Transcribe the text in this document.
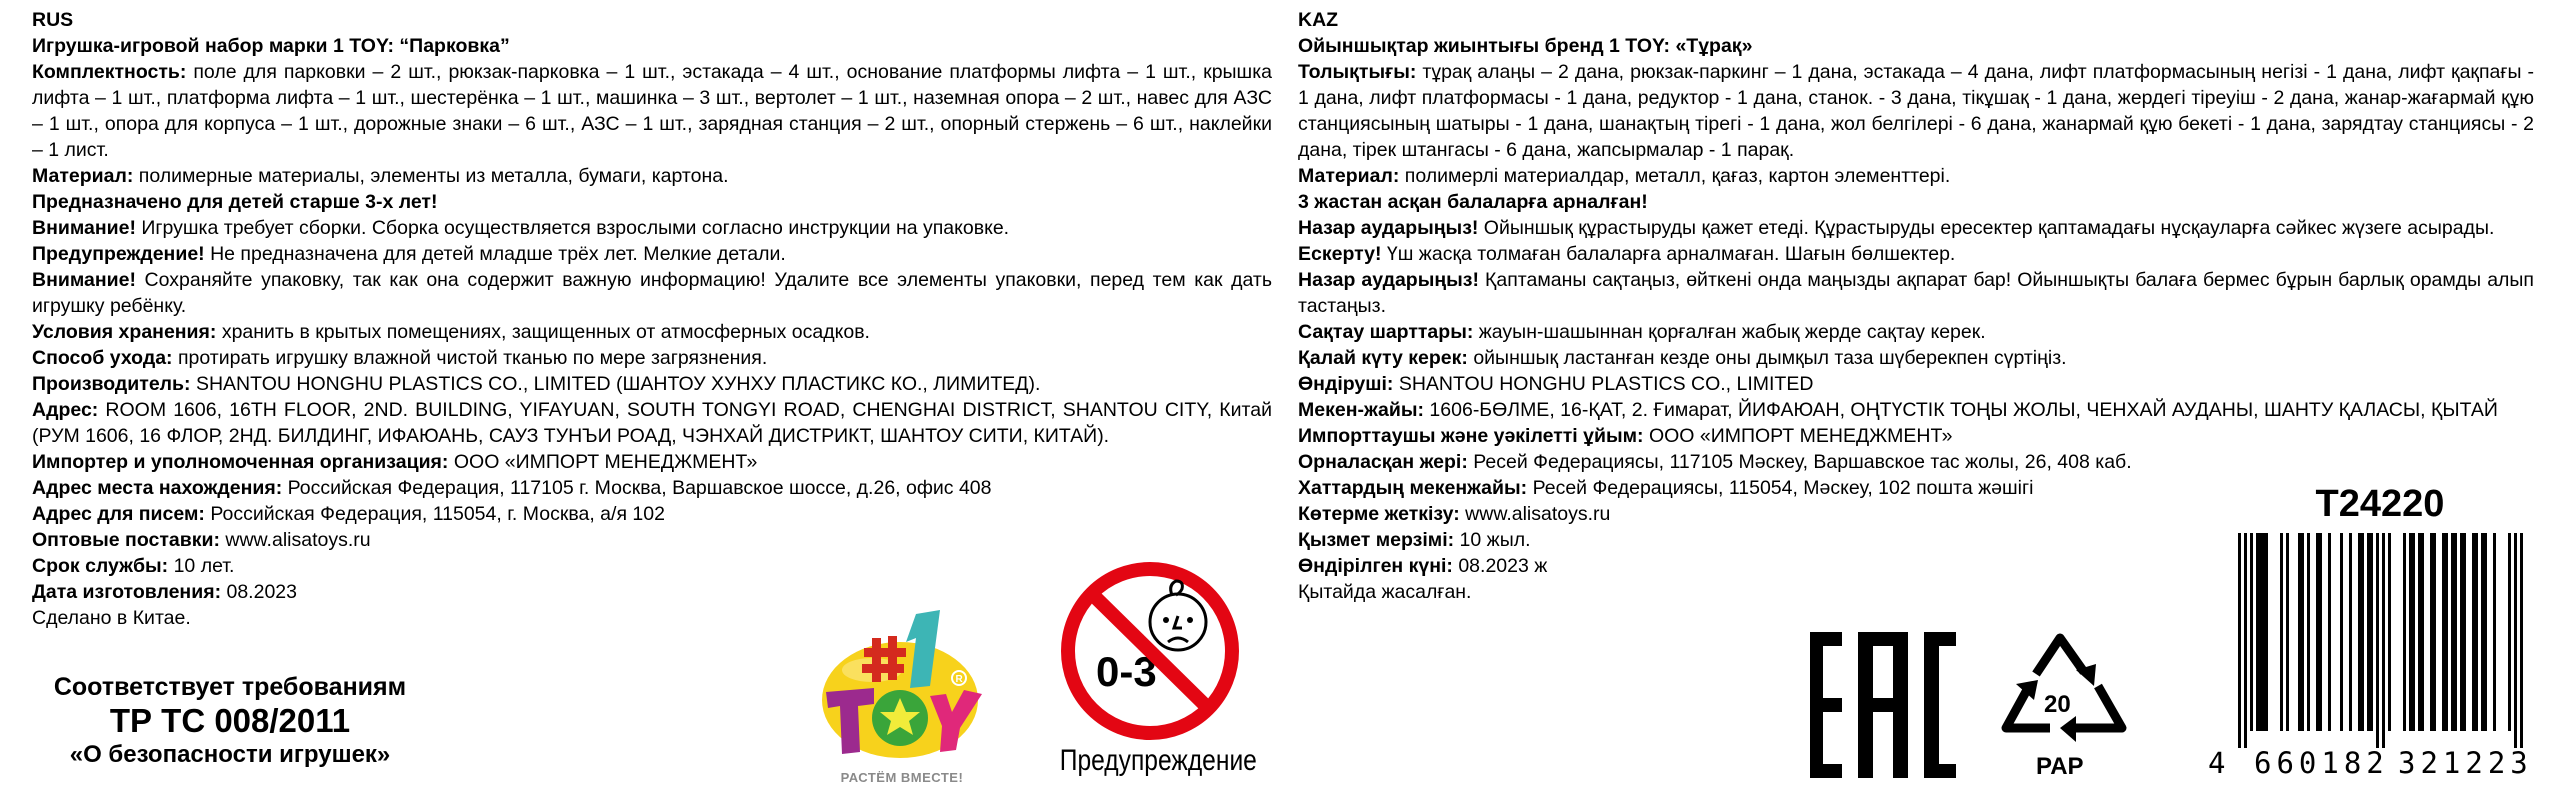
RUS

Игрушка-игровой набор марки 1 TOY: “Парковка”

Комплектность: поле для парковки – 2 шт., рюкзак-парковка – 1 шт., эстакада – 4 шт., основание платформы лифта – 1 шт., крышка лифта – 1 шт., платформа лифта – 1 шт., шестерёнка – 1 шт., машинка – 3 шт., вертолет – 1 шт., наземная опора – 2 шт., навес для АЗС – 1 шт., опора для корпуса – 1 шт., дорожные знаки – 6 шт., АЗС – 1 шт., зарядная станция – 2 шт., опорный стержень – 6 шт., наклейки – 1 лист.

Материал: полимерные материалы, элементы из металла, бумаги, картона.

Предназначено для детей старше 3-х лет!

Внимание! Игрушка требует сборки. Сборка осуществляется взрослыми согласно инструкции на упаковке.

Предупреждение! Не предназначена для детей младше трёх лет. Мелкие детали.

Внимание! Сохраняйте упаковку, так как она содержит важную информацию! Удалите все элементы упаковки, перед тем как дать игрушку ребёнку.

Условия хранения: хранить в крытых помещениях, защищенных от атмосферных осадков.

Способ ухода: протирать игрушку влажной чистой тканью по мере загрязнения.

Производитель: SHANTOU HONGHU PLASTICS CO., LIMITED (ШАНТОУ ХУНХУ ПЛАСТИКС КО., ЛИМИТЕД).

Адрес: ROOM 1606, 16TH FLOOR, 2ND. BUILDING, YIFAYUAN, SOUTH TONGYI ROAD, CHENGHAI DISTRICT, SHANTOU CITY, Китай (РУМ 1606, 16 ФЛОР, 2НД. БИЛДИНГ, ИФАЮАНЬ, САУЗ ТУНЪИ РОАД, ЧЭНХАЙ ДИСТРИКТ, ШАНТОУ СИТИ, КИТАЙ).

Импортер и уполномоченная организация: ООО «ИМПОРТ МЕНЕДЖМЕНТ»

Адрес места нахождения: Российская Федерация, 117105 г. Москва, Варшавское шоссе, д.26, офис 408

Адрес для писем: Российская Федерация, 115054, г. Москва, а/я 102

Оптовые поставки: www.alisatoys.ru

Срок службы: 10 лет.

Дата изготовления: 08.2023

Сделано в Китае.

KAZ

Ойыншықтар жиынтығы бренд 1 TOY: «Тұрақ»

Толықтығы: тұрақ алаңы – 2 дана, рюкзак-паркинг – 1 дана, эстакада – 4 дана, лифт платформасының негізі - 1 дана, лифт қақпағы - 1 дана, лифт платформасы - 1 дана, редуктор - 1 дана, станок. - 3 дана, тікұшақ - 1 дана, жердегі тіреуіш - 2 дана, жанар-жағармай құю станциясының шатыры - 1 дана, шанақтың тірегі - 1 дана, жол белгілері - 6 дана, жанармай құю бекеті - 1 дана, зарядтау станциясы - 2 дана, тірек штангасы - 6 дана, жапсырмалар - 1 парақ.

Материал: полимерлі материалдар, металл, қағаз, картон элементтері.

3 жастан асқан балаларға арналған!

Назар аударыңыз! Ойыншық құрастыруды қажет етеді. Құрастыруды ересектер қаптамадағы нұсқауларға сәйкес жүзеге асырады.

Ескерту! Үш жасқа толмаған балаларға арналмаған. Шағын бөлшектер.

Назар аударыңыз! Қаптаманы сақтаңыз, өйткені онда маңызды ақпарат бар! Ойыншықты балаға бермес бұрын барлық орамды алып тастаңыз.

Сақтау шарттары: жауын-шашыннан қорғалған жабық жерде сақтау керек.

Қалай күту керек: ойыншық ластанған кезде оны дымқыл таза шүберекпен сүртіңіз.

Өндіруші: SHANTOU HONGHU PLASTICS CO., LIMITED

Мекен-жайы: 1606-БӨЛМЕ, 16-ҚАТ, 2. Ғимарат, ЙИФАЮАН, ОҢТҮСТІК ТОҢЫ ЖОЛЫ, ЧЕНХАЙ АУДАНЫ, ШАНТУ ҚАЛАСЫ, ҚЫТАЙ

Импорттаушы және уәкілетті ұйым: ООО «ИМПОРТ МЕНЕДЖМЕНТ»

Орналасқан жері: Ресей Федерациясы, 117105 Мәскеу, Варшавское тас жолы, 26, 408 каб.

Хаттардың мекенжайы: Ресей Федерациясы, 115054, Мәскеу, 102 пошта жәшігі

Көтерме жеткізу: www.alisatoys.ru

Қызмет мерзімі: 10 жыл.

Өндірілген күні: 08.2023 ж

Қытайда жасалған.

Соответствует требованиям
ТР ТС 008/2011
«О безопасности игрушек»
R
РАСТЁМ ВМЕСТЕ!
0-3
Предупреждение
20
PAP
T24220
4 660182 321223
